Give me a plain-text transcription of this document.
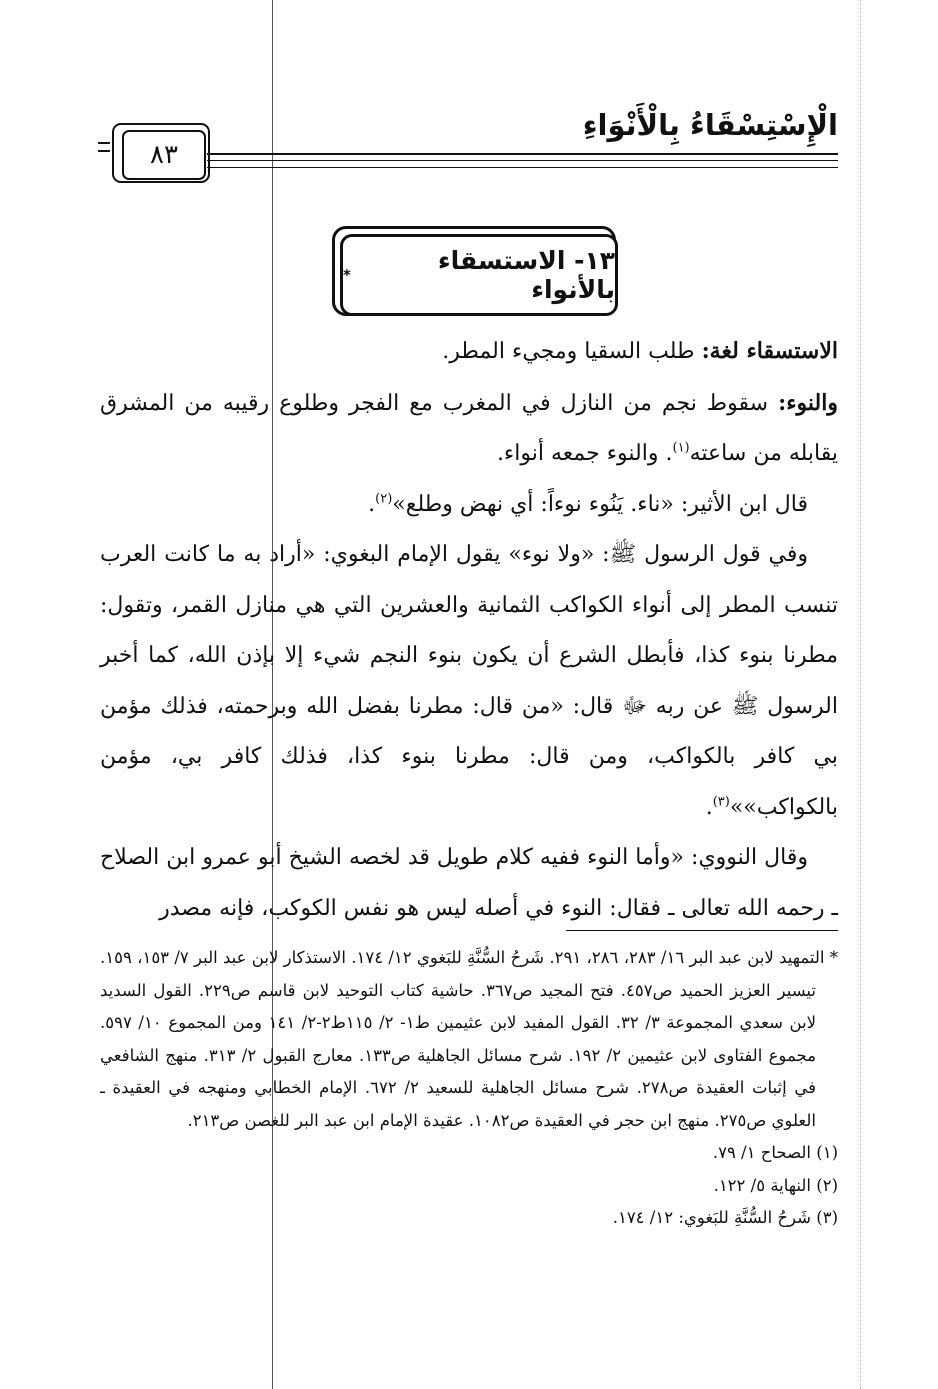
الْإِسْتِسْقَاءُ بِالْأَنْوَاءِ
٨٣
١٣- الاستسقاء بالأنواء
*

الاستسقاء لغة: طلب السقيا ومجيء المطر.

والنوء: سقوط نجم من النازل في المغرب مع الفجر وطلوع رقيبه من المشرق يقابله من ساعته$^{(١)}$. والنوء جمعه أنواء.

قال ابن الأثير: «ناء. يَنُوء نوءاً: أي نهض وطلع»$^{(٢)}$.

وفي قول الرسول ﷺ: «ولا نوء» يقول الإمام البغوي: «أراد به ما كانت العرب تنسب المطر إلى أنواء الكواكب الثمانية والعشرين التي هي منازل القمر، وتقول: مطرنا بنوء كذا، فأبطل الشرع أن يكون بنوء النجم شيء إلا بإذن الله، كما أخبر الرسول ﷺ عن ربه ﷻ قال: «من قال: مطرنا بفضل الله وبرحمته، فذلك مؤمن بي كافر بالكواكب، ومن قال: مطرنا بنوء كذا، فذلك كافر بي، مؤمن بالكواكب»»$^{(٣)}$.

وقال النووي: «وأما النوء ففيه كلام طويل قد لخصه الشيخ أبو عمرو ابن الصلاح ـ رحمه الله تعالى ـ فقال: النوء في أصله ليس هو نفس الكوكب، فإنه مصدر

* التمهيد لابن عبد البر ١٦/ ٢٨٣، ٢٨٦، ٢٩١. شَرحُ السُّنَّةِ للبَغوي ١٢/ ١٧٤. الاستذكار لابن عبد البر ٧/ ١٥٣، ١٥٩. تيسير العزيز الحميد ص٤٥٧. فتح المجيد ص٣٦٧. حاشية كتاب التوحيد لابن قاسم ص٢٢٩. القول السديد لابن سعدي المجموعة ٣/ ٣٢. القول المفيد لابن عثيمين ط١- ٢/ ١١٥ط٢-٢/ ١٤١ ومن المجموع ١٠/ ٥٩٧. مجموع الفتاوى لابن عثيمين ٢/ ١٩٢. شرح مسائل الجاهلية ص١٣٣. معارج القبول ٢/ ٣١٣. منهج الشافعي في إثبات العقيدة ص٢٧٨. شرح مسائل الجاهلية للسعيد ٢/ ٦٧٢. الإمام الخطابي ومنهجه في العقيدة ـ العلوي ص٢٧٥. منهج ابن حجر في العقيدة ص١٠٨٢. عقيدة الإمام ابن عبد البر للغصن ص٢١٣.

(١) الصحاح ١/ ٧٩.

(٢) النهاية ٥/ ١٢٢.

(٣) شَرحُ السُّنَّةِ للبَغوي: ١٢/ ١٧٤.
